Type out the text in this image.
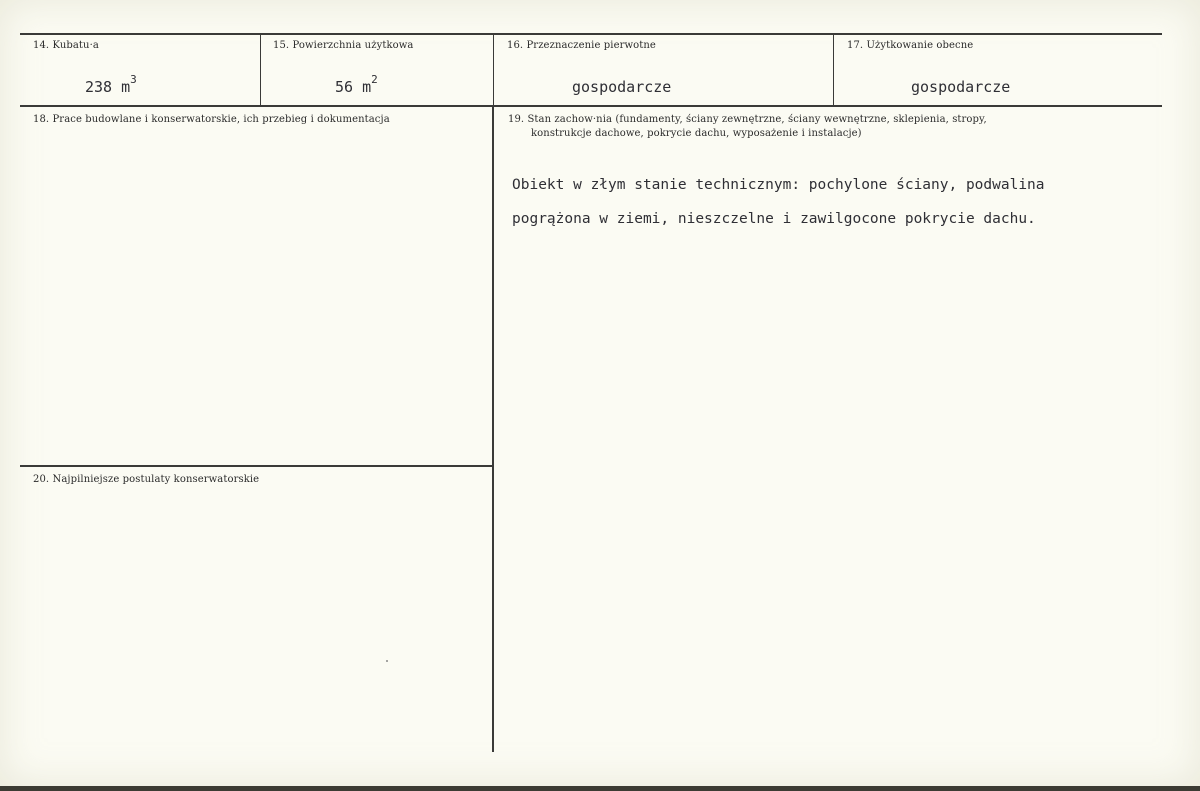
14. Kubatu·a
238 $m^3$
15. Powierzchnia użytkowa
56 $m^2$
16. Przeznaczenie pierwotne
gospodarcze
17. Użytkowanie obecne
gospodarcze
18. Prace budowlane i konserwatorskie, ich przebieg i dokumentacja	19. Stan zachow·​nia (fundamenty, ściany zewnętrzne, ściany wewnętrzne, sklepienia, stropy,
konstrukcje dachowe, pokrycie dachu, wyposażenie i instalacje)
Obiekt w złym stanie technicznym: pochylone ściany, podwalina
pogrążona w ziemi, nieszczelne i zawilgocone pokrycie dachu.
20. Najpilniejsze postulaty konserwatorskie
